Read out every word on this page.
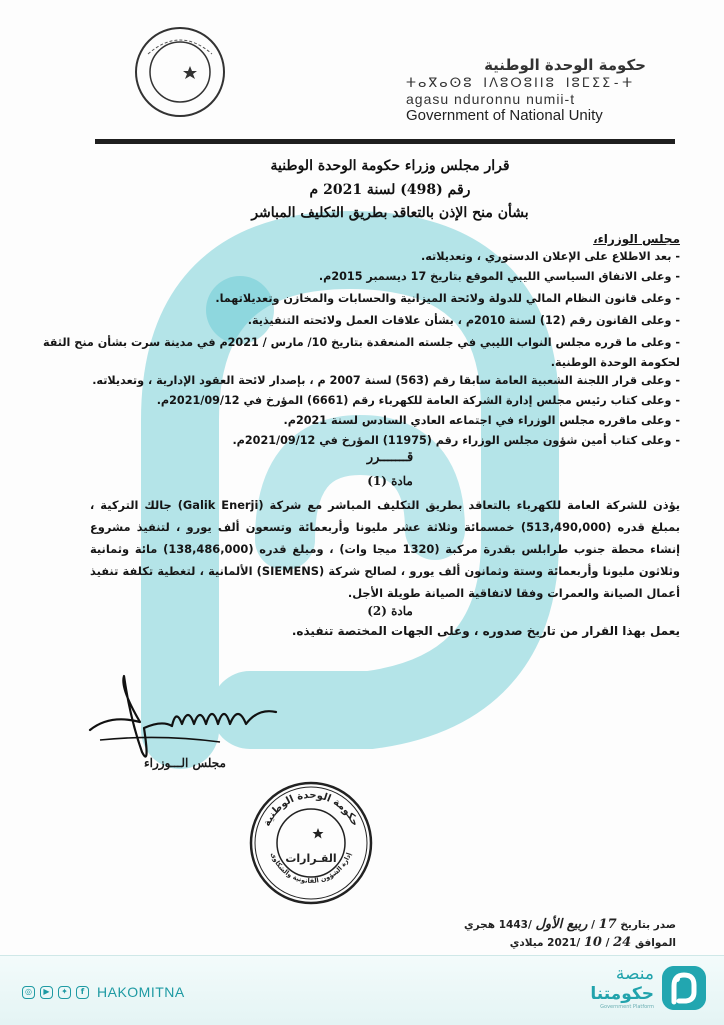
حكومة الوحدة الوطنية
ⵜⴰⴳⴰⵙⵓ ⵏⴷⵓⵔⵓⵏⵏⵓ ⵏⵓⵎⵉⵉ-ⵜ
agasu nduronnu numii-t
Government of National Unity
قرار مجلس وزراء حكومة الوحدة الوطنية
رقم (498) لسنة 2021 م
بشأن منح الإذن بالتعاقد بطريق التكليف المباشر
مجلس الوزراء،
- بعد الاطلاع على الإعلان الدستوري ، وتعديلاته.
- وعلى الاتفاق السياسي الليبي الموقع بتاريخ 17 ديسمبر 2015م.
- وعلى قانون النظام المالي للدولة ولائحة الميزانية والحسابات والمخازن وتعديلاتهما.
- وعلى القانون رقم (12) لسنة 2010م ، بشأن علاقات العمل ولائحته التنفيذية.
- وعلى ما قرره مجلس النواب الليبي في جلسته المنعقدة بتاريخ 10/ مارس / 2021م في مدينة سرت بشأن منح الثقة
لحكومة الوحدة الوطنية.
- وعلى قرار اللجنة الشعبية العامة سابقا رقم (563) لسنة 2007 م ، بإصدار لائحة العقود الإدارية ، وتعديلاته.
- وعلى كتاب رئيس مجلس إدارة الشركة العامة للكهرباء رقم (6661) المؤرخ في 2021/09/12م.
- وعلى ماقرره مجلس الوزراء في اجتماعه العادي السادس لسنة 2021م.
- وعلى كتاب أمين شؤون مجلس الوزراء رقم (11975) المؤرخ في 2021/09/12م.
قـــــــرر
مادة (1)
يؤذن للشركة العامة للكهرباء بالتعاقد بطريق التكليف المباشر مع شركة (Galik Enerji) جالك التركية ، بمبلغ قدره (513,490,000) خمسمائة وثلاثة عشر مليونا وأربعمائة وتسعون ألف يورو ، لتنفيذ مشروع إنشاء محطة جنوب طرابلس بقدرة مركبة (1320 ميجا وات) ، ومبلغ قدره (138,486,000) مائة وثمانية وثلاثون مليونا وأربعمائة وستة وثمانون ألف يورو ، لصالح شركة (SIEMENS) الألمانية ، لتغطية تكلفة تنفيذ أعمال الصيانة والعمرات وفقا لاتفاقية الصيانة طويلة الأجل.
مادة (2)
يعمل بهذا القرار من تاريخ صدوره ، وعلى الجهات المختصة تنفيذه.
مجلس الـــوزراء
حكومة الوحدة الوطنية
إدارة الشؤون القانونية والشكاوى
القـرارات
صدر بتاريخ 17 / ربيع الأول /1443 هجري
الموافق 24 / 10 /2021 ميلادي
◎	▶	✦	f HAKOMITNA
منصة
حكومتنا
Government Platform
